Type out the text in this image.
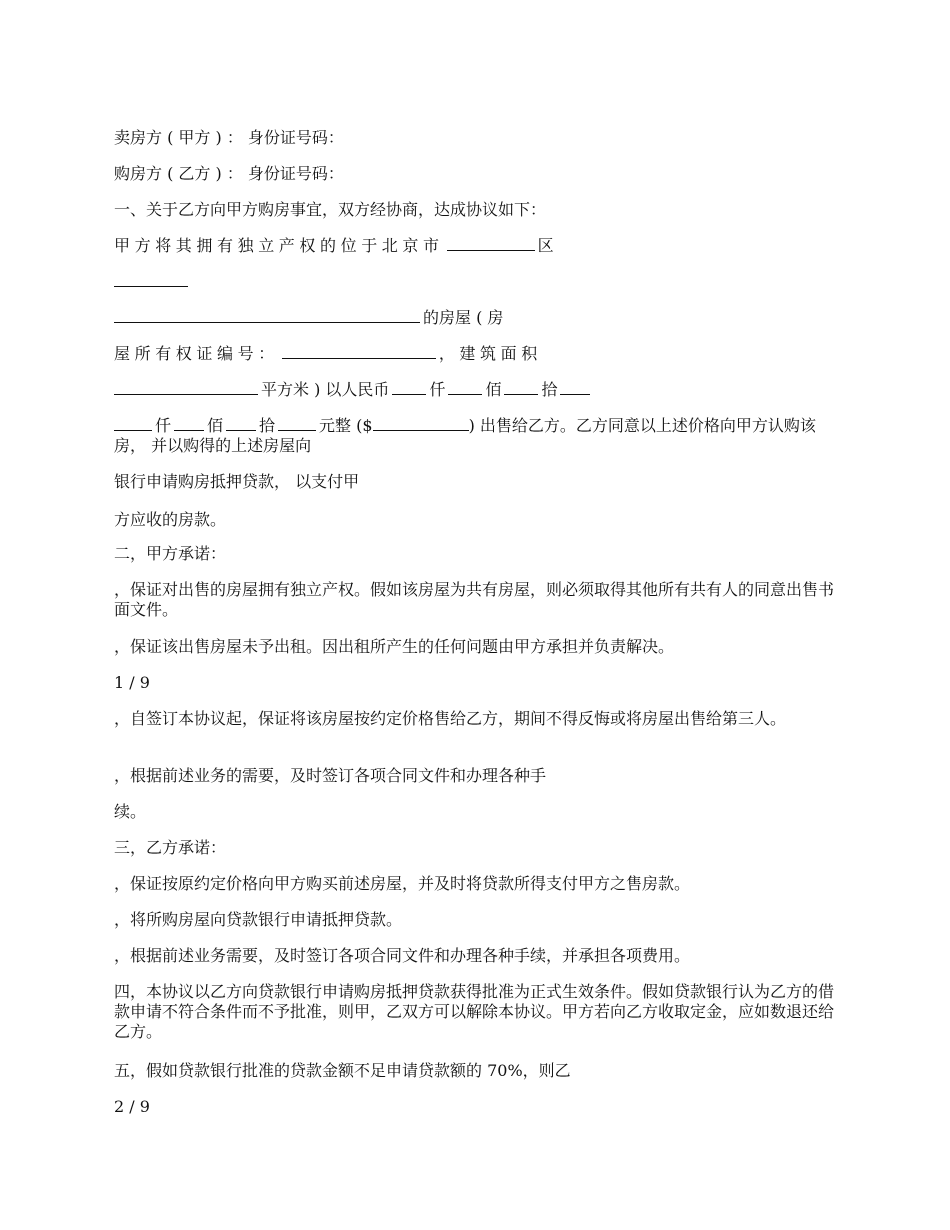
卖房方 ( 甲方 ) ： 身份证号码：

购房方 ( 乙方 ) ： 身份证号码：

一、关于乙方向甲方购房事宜，双方经协商，达成协议如下：

甲方将其拥有独立产权的位于北京市	区

的房屋 ( 房

屋所有权证编号：	，建筑面积

平方米 ) 以人民币	仟	佰	拾

仟 佰 拾	元整 ($	) 出售给乙方。乙方同意以上述价格向甲方认购该房， 并以购得的上述房屋向

银行申请购房抵押贷款， 以支付甲

方应收的房款。

二，甲方承诺：

，保证对出售的房屋拥有独立产权。假如该房屋为共有房屋，则必须取得其他所有共有人的同意出售书面文件。

，保证该出售房屋未予出租。因出租所产生的任何问题由甲方承担并负责解决。

1 / 9

，自签订本协议起，保证将该房屋按约定价格售给乙方，期间不得反悔或将房屋出售给第三人。

，根据前述业务的需要，及时签订各项合同文件和办理各种手

续。

三，乙方承诺：

，保证按原约定价格向甲方购买前述房屋，并及时将贷款所得支付甲方之售房款。

，将所购房屋向贷款银行申请抵押贷款。

，根据前述业务需要，及时签订各项合同文件和办理各种手续，并承担各项费用。

四，本协议以乙方向贷款银行申请购房抵押贷款获得批准为正式生效条件。假如贷款银行认为乙方的借款申请不符合条件而不予批准，则甲，乙双方可以解除本协议。甲方若向乙方收取定金，应如数退还给乙方。

五，假如贷款银行批准的贷款金额不足申请贷款额的 70%，则乙

2 / 9
